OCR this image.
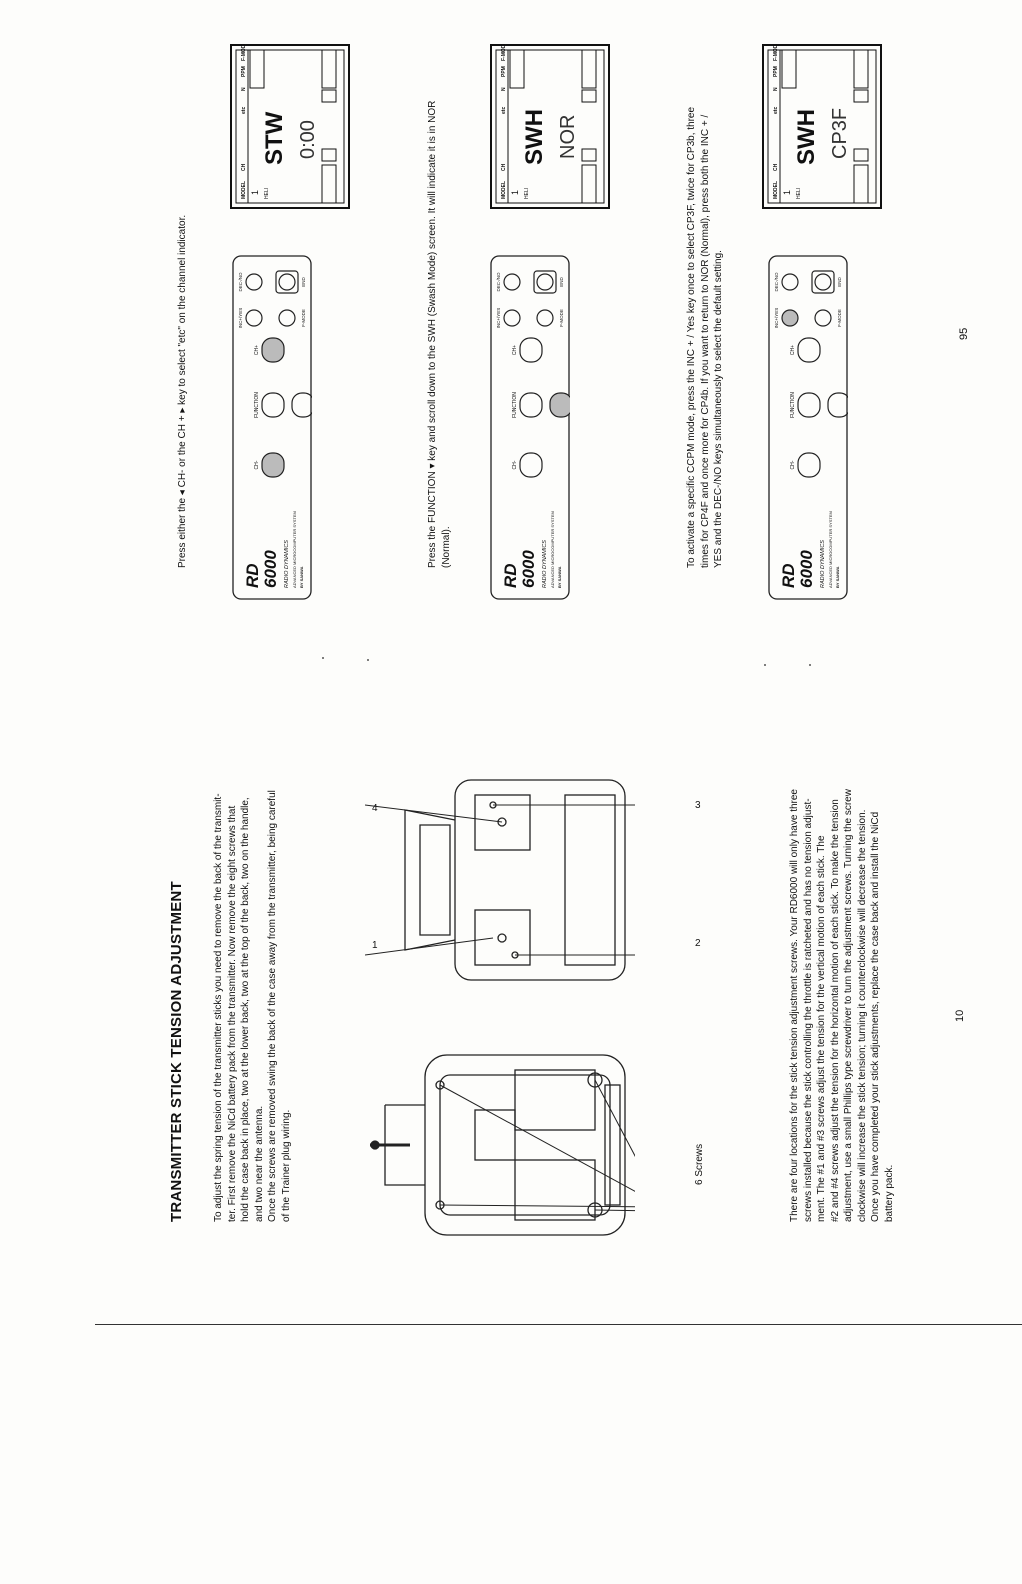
TRANSMITTER STICK TENSION ADJUSTMENT	To adjust the spring tension of the transmitter sticks you need to remove the back of the transmit- ter. First remove the NiCd battery pack from the transmitter. Now remove the eight screws that hold the case back in place, two at the lower back, two at the top of the back, two on the handle, and two near the antenna. Once the screws are removed swing the back of the case away from the transmitter, being careful of the Trainer plug wiring.	6 Screws
1	2
3
4	There are four locations for the stick tension adjustment screws. Your RD6000 will only have three screws installed because the stick controlling the throttle is ratcheted and has no tension adjust- ment. The #1 and #3 screws adjust the tension for the vertical motion of each stick. The #2 and #4 screws adjust the tension for the horizontal motion of each stick. To make the tension adjustment, use a small Phillips type screwdriver to turn the adjustment screws. Turning the screw clockwise will increase the stick tension; turning it counterclockwise will decrease the tension. Once you have completed your stick adjustments, replace the case back and install the NiCd battery pack.

10

Press either the ◂ CH- or the CH + ▸ key to select "etc" on the channel indicator.	Press the FUNCTION ▾ key and scroll down to the SWH (Swash Mode) screen. It will indicate it is in NOR (Normal).	To activate a specific CCPM mode, press the INC + / Yes key once to select CP3F, twice for CP3b, three times for CP4F and once more for CP4b. If you want to return to NOR (Normal), press both the INC + / YES and the DEC-/NO keys simultaneously to select the default setting.

RD 6000 RADIO DYNAMICS ADVANCED MICROCOMPUTER SYSTEM BY SANWA
CH-
FUNCTION
CH+
INC+/YES
DEC-/NO
F-MODE
END
RD 6000 RADIO DYNAMICS ADVANCED MICROCOMPUTER SYSTEM BY SANWA
CH-
FUNCTION
CH+
INC+/YES
DEC-/NO
F-MODE
END
RD 6000 RADIO DYNAMICS ADVANCED MICROCOMPUTER SYSTEM BY SANWA
CH-
FUNCTION
CH+
INC+/YES
DEC-/NO
F-MODE
END
MODEL
CH
etc
N
PPM
F-MODE
HELI
1
STW 0:00
MODEL
CH
etc
N
PPM
F-MODE
HELI
1
SWH NOR
MODEL
CH
etc
N
PPM
F-MODE
HELI
1
SWH CP3F
95
